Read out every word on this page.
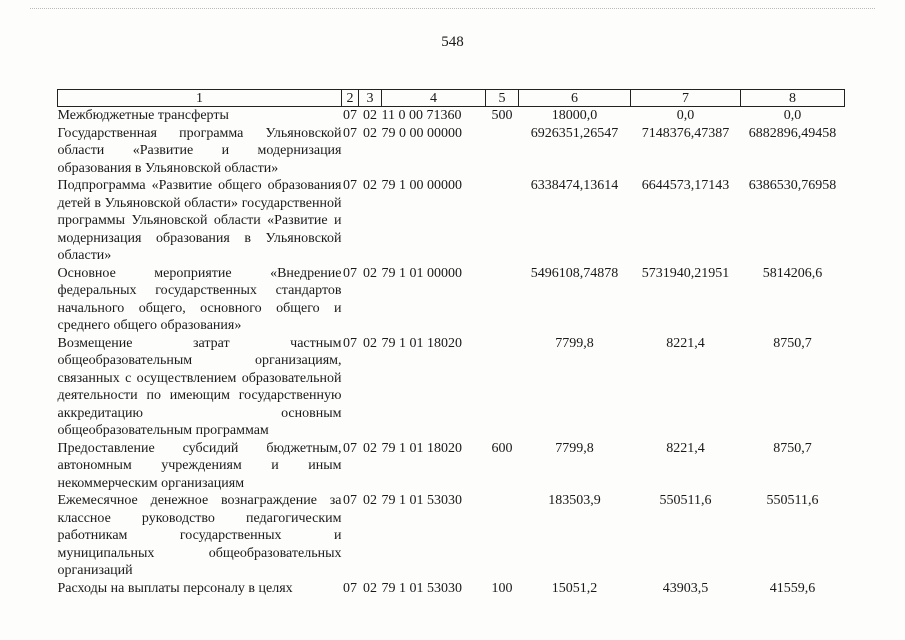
548
1	2	3	4	5	6	7	8
Межбюджетные трансферты	07	02	11 0 00 71360	500	18000,0	0,0	0,0
Государственная программа Ульяновской области «Развитие и модернизация образования в Ульяновской области»	07	02	79 0 00 00000		6926351,26547	7148376,47387	6882896,49458
Подпрограмма «Развитие общего образования детей в Ульяновской области» государственной программы Ульяновской области «Развитие и модернизация образования в Ульяновской области»	07	02	79 1 00 00000		6338474,13614	6644573,17143	6386530,76958
Основное мероприятие «Внедрение федеральных государственных стандартов начального общего, основного общего и среднего общего образования»	07	02	79 1 01 00000		5496108,74878	5731940,21951	5814206,6
Возмещение затрат частным общеобразовательным организациям, связанных с осуществлением образовательной деятельности по имеющим государственную аккредитацию основным общеобразовательным программам	07	02	79 1 01 18020		7799,8	8221,4	8750,7
Предоставление субсидий бюджетным, автономным учреждениям и иным некоммерческим организациям	07	02	79 1 01 18020	600	7799,8	8221,4	8750,7
Ежемесячное денежное вознаграждение за классное руководство педагогическим работникам государственных и муниципальных общеобразовательных организаций	07	02	79 1 01 53030		183503,9	550511,6	550511,6
Расходы на выплаты персоналу в целях	07	02	79 1 01 53030	100	15051,2	43903,5	41559,6
